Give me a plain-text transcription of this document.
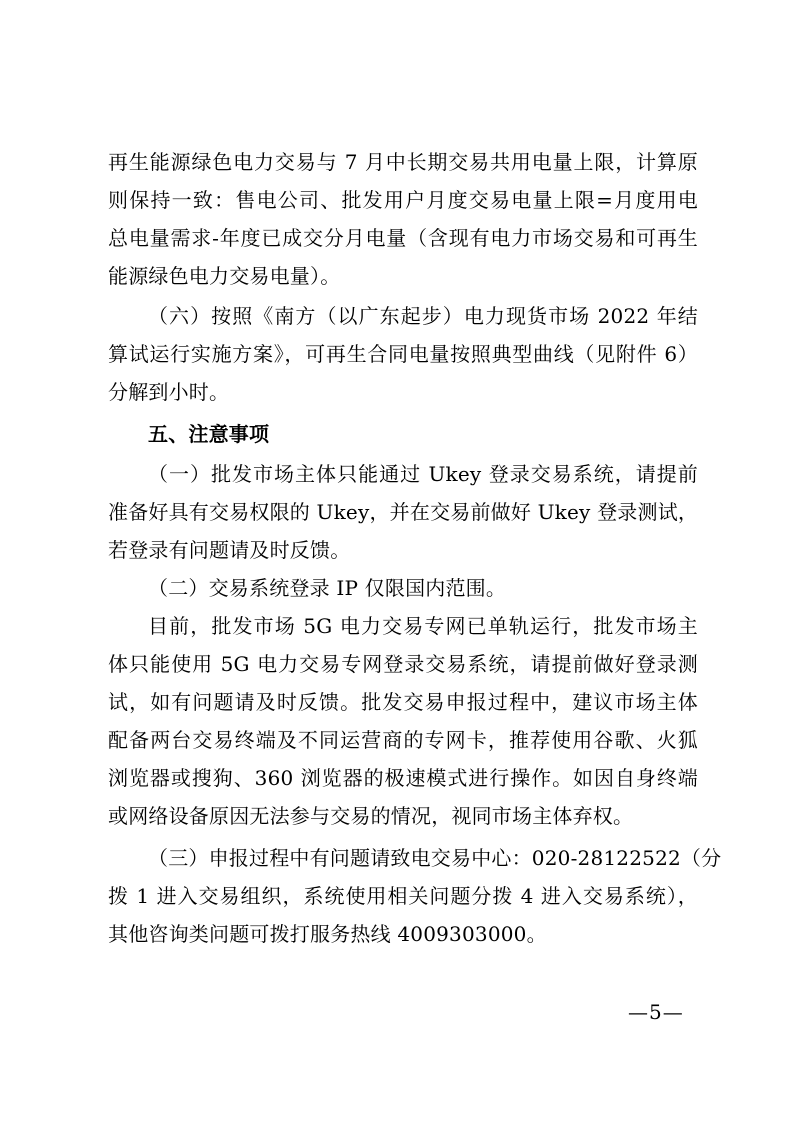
再生能源绿色电力交易与 7 月中长期交易共用电量上限，计算原
则保持一致：售电公司、批发用户月度交易电量上限=月度用电
总电量需求-年度已成交分月电量（含现有电力市场交易和可再生
能源绿色电力交易电量）。
（六）按照《南方（以广东起步）电力现货市场 2022 年结
算试运行实施方案》，可再生合同电量按照典型曲线（见附件 6）
分解到小时。
五、注意事项
（一）批发市场主体只能通过 Ukey 登录交易系统，请提前
准备好具有交易权限的 Ukey，并在交易前做好 Ukey 登录测试，
若登录有问题请及时反馈。
（二）交易系统登录 IP 仅限国内范围。
目前，批发市场 5G 电力交易专网已单轨运行，批发市场主
体只能使用 5G 电力交易专网登录交易系统，请提前做好登录测
试，如有问题请及时反馈。批发交易申报过程中，建议市场主体
配备两台交易终端及不同运营商的专网卡，推荐使用谷歌、火狐
浏览器或搜狗、360 浏览器的极速模式进行操作。如因自身终端
或网络设备原因无法参与交易的情况，视同市场主体弃权。
（三）申报过程中有问题请致电交易中心：020-28122522（分
拨 1 进入交易组织，系统使用相关问题分拨 4 进入交易系统），
其他咨询类问题可拨打服务热线 4009303000。
—5—
